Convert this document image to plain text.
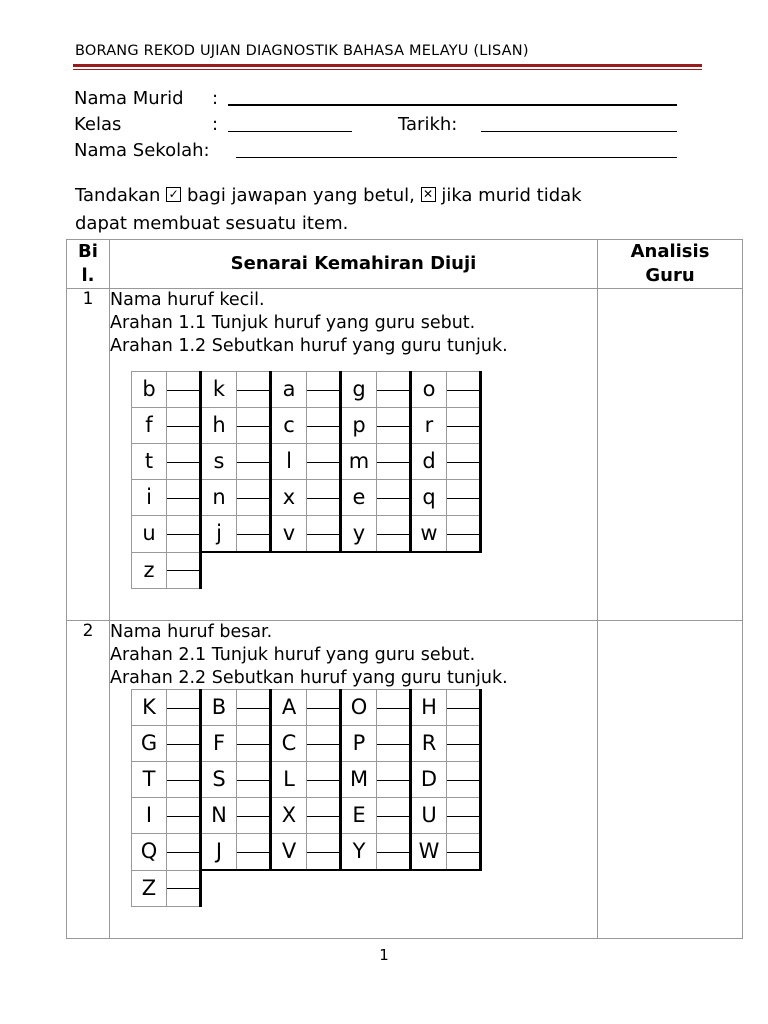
BORANG REKOD UJIAN DIAGNOSTIK BAHASA MELAYU (LISAN)
Nama Murid :
Kelas	:	Tarikh:
Nama Sekolah:
Tandakan ✓ bagi jawapan yang betul, ✕ jika murid tidak
dapat membuat sesuatu item.
Bi
l.
	Senarai Kemahiran Diuji	
Analisis
Guru

1	Nama huruf kecil.
Arahan 1.1 Tunjuk huruf yang guru sebut.
Arahan 1.2 Sebutkan huruf yang guru tunjuk.
b		k		a		g		o	
f		h		c		p		r	
t		s		l		m		d	
i		n		x		e		q	
u		j		v		y		w	
z		

2	Nama huruf besar.
Arahan 2.1 Tunjuk huruf yang guru sebut.
Arahan 2.2 Sebutkan huruf yang guru tunjuk.
K		B		A		O		H	
G		F		C		P		R	
T		S		L		M		D	
I		N		X		E		U	
Q		J		V		Y		W	
Z		

1
